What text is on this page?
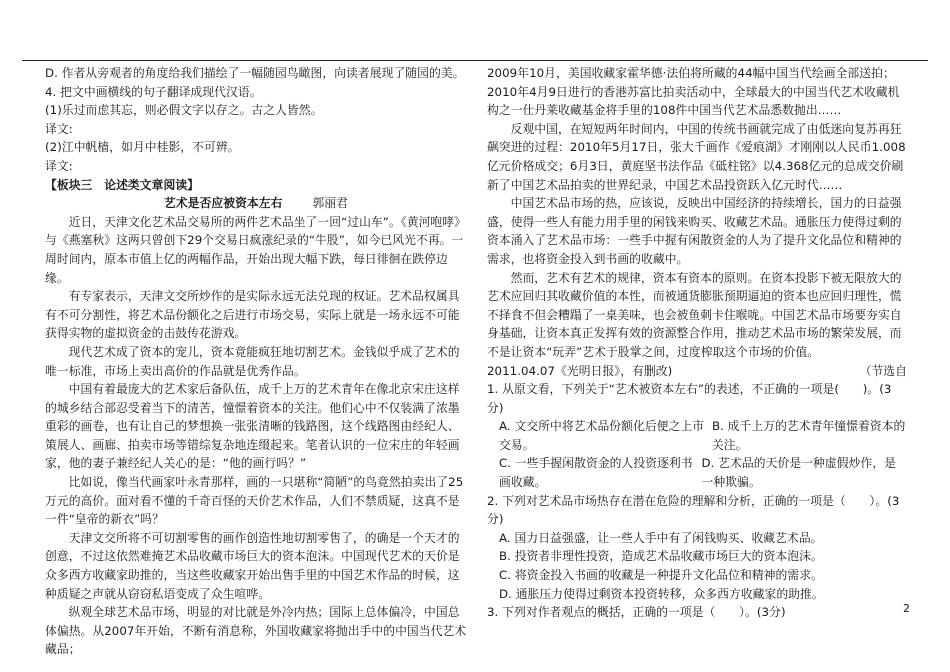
D. 作者从旁观者的角度给我们描绘了一幅随园鸟瞰图，向读者展现了随园的美。

4. 把文中画横线的句子翻译成现代汉语。

(1)乐过而虑其忘，则必假文字以存之。古之人皆然。

译文:

(2)江中帆樯，如月中桂影，不可辨。

译文:

【板块三　论述类文章阅读】

艺术是否应被资本左右	郭丽君

近日，天津文化艺术品交易所的两件艺术品坐了一回“过山车”。《黄河咆哮》与《燕塞秋》这两只曾创下29个交易日疯涨纪录的“牛股”，如今已风光不再。一周时间内，原本市值上亿的两幅作品，开始出现大幅下跌，每日徘徊在跌停边缘。

有专家表示，天津文交所炒作的是实际永远无法兑现的权证。艺术品权属具有不可分割性，将艺术品份额化之后进行市场交易，实际上就是一场永远不可能获得实物的虚拟资金的击鼓传花游戏。

现代艺术成了资本的宠儿，资本竟能疯狂地切割艺术。金钱似乎成了艺术的唯一标准，市场上卖出高价的作品就是优秀作品。

中国有着最庞大的艺术家后备队伍，成千上万的艺术青年在像北京宋庄这样的城乡结合部忍受着当下的清苦，憧憬着资本的关注。他们心中不仅装满了浓墨重彩的画卷，也有让自己的梦想换一张张清晰的钱路图，这个线路图由经纪人、策展人、画廊、拍卖市场等错综复杂地连缀起来。笔者认识的一位宋庄的年轻画家，他的妻子兼经纪人关心的是：“他的画行吗？”

比如说，像当代画家叶永青那样，画的一只堪称“简陋”的鸟竟然拍卖出了25万元的高价。面对看不懂的千奇百怪的天价艺术作品，人们不禁质疑，这真不是一件“皇帝的新衣”吗？

天津文交所将不可切割零售的画作创造性地切割零售了，的确是一个天才的创意，不过这依然难掩艺术品收藏市场巨大的资本泡沫。中国现代艺术的天价是众多西方收藏家助推的，当这些收藏家开始出售手里的中国艺术作品的时候，这种质疑之声就从窃窃私语变成了众生喧哗。

纵观全球艺术品市场，明显的对比就是外冷内热；国际上总体偏冷，中国总体偏热。从2007年开始，不断有消息称，外国收藏家将抛出手中的中国当代艺术藏品；

2009年10月，美国收藏家霍华德·法伯将所藏的44幅中国当代绘画全部送拍；2010年4月9日进行的香港苏富比拍卖活动中，全球最大的中国当代艺术收藏机构之一仕丹莱收藏基金将手里的108件中国当代艺术品悉数抛出……

反观中国，在短短两年时间内，中国的传统书画就完成了由低迷向复苏再狂飙突进的过程：2010年5月17日，张大千画作《爱痕湖》才刚刚以人民币1.008亿元价格成交；6月3日，黄庭坚书法作品《砥柱铭》以4.368亿元的总成交价刷新了中国艺术品拍卖的世界纪录，中国艺术品投资跃入亿元时代……

中国艺术品市场的热，应该说，反映出中国经济的持续增长，国力的日益强盛，使得一些人有能力用手里的闲钱来购买、收藏艺术品。通胀压力使得过剩的资本涌入了艺术品市场：一些手中握有闲散资金的人为了提升文化品位和精神的需求，也将资金投入到书画的收藏中。

然而，艺术有艺术的规律，资本有资本的原则。在资本投影下被无限放大的艺术应回归其收藏价值的本性，而被通货膨胀预期逼迫的资本也应回归理性，慌不择食不但会糟蹋了一桌美味，也会被鱼刺卡住喉咙。中国艺术品市场要夯实自身基础，让资本真正发挥有效的资源整合作用，推动艺术品市场的繁荣发展，而不是让资本“玩弄”艺术于股掌之间，过度榨取这个市场的价值。

2011.04.07《光明日报》，有删改)	（节选自

1. 从原文看，下列关于“艺术被资本左右”的表述，不正确的一项是(　　)。(3分)

A. 文交所中将艺术品份额化后便之上市交易。
B. 成千上万的艺术青年憧憬着资本的关注。
C. 一些手握闲散资金的人投资逐利书画收藏。
D. 艺术品的天价是一种虚假炒作，是一种欺骗。

2. 下列对艺术品市场热存在潜在危险的理解和分析，正确的一项是（　　）。(3分)

A. 国力日益强盛，让一些人手中有了闲钱购买、收藏艺术品。

B. 投资者非理性投资，造成艺术品收藏市场巨大的资本泡沫。

C. 将资金投入书画的收藏是一种提升文化品位和精神的需求。

D. 通胀压力使得过剩资本投资转移，众多西方收藏家的助推。

3. 下列对作者观点的概括，正确的一项是（　　）。(3分)	2
